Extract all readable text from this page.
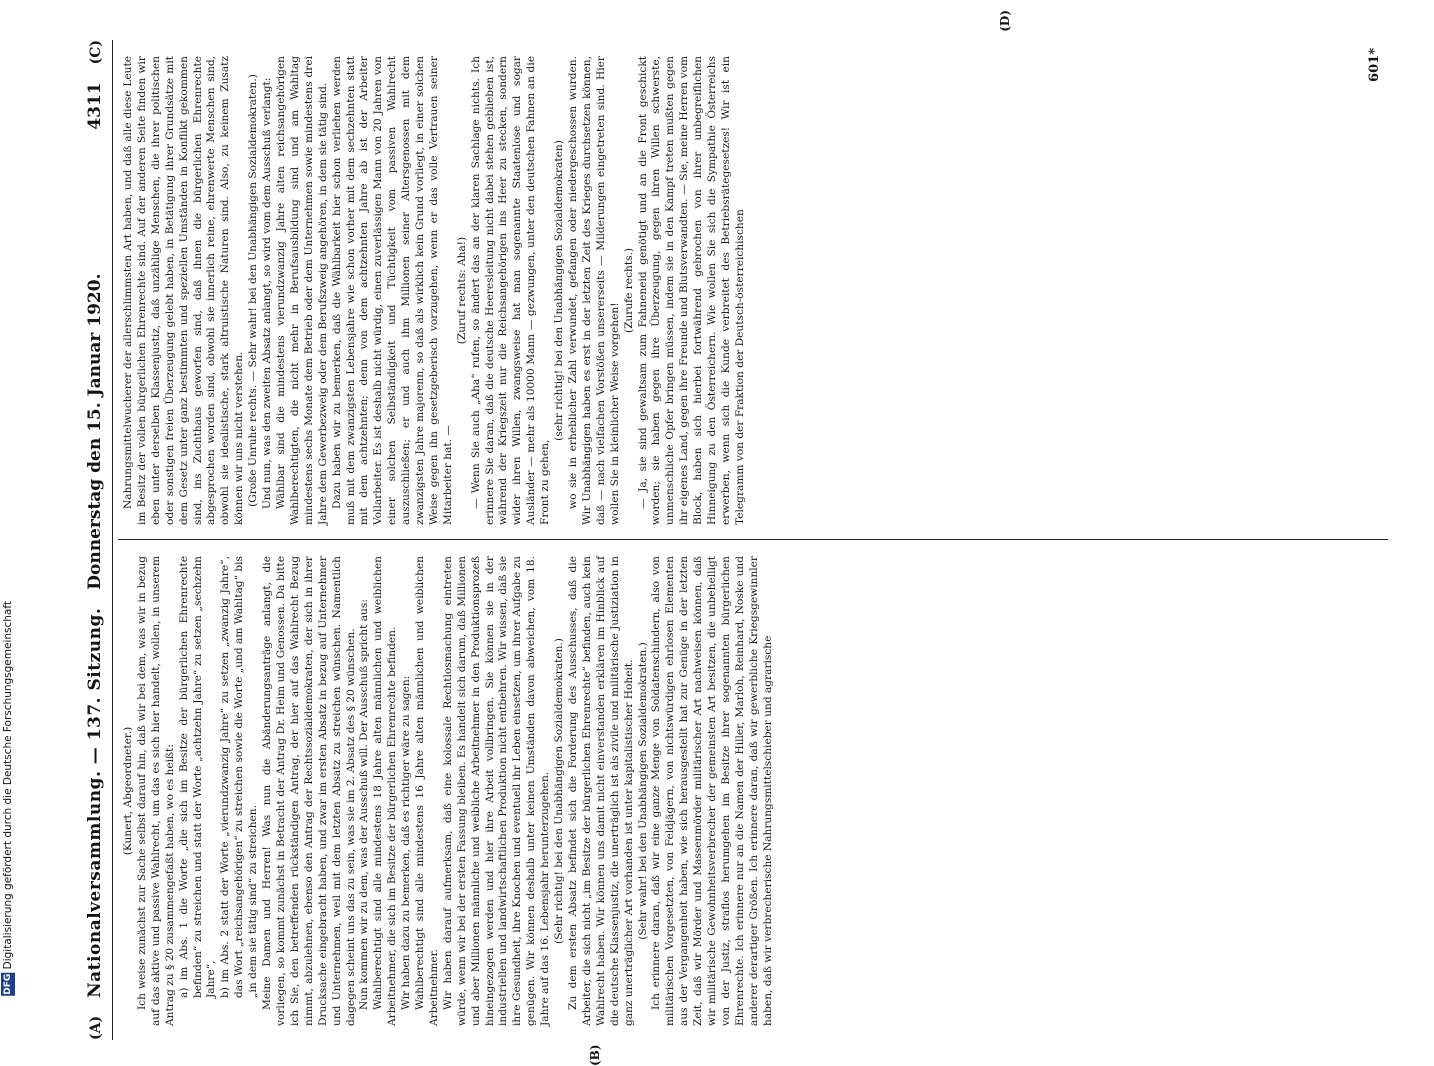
DFG Digitalisierung gefördert durch die Deutsche Forschungsgemeinschaft
(A)
Nationalversammlung. — 137. Sitzung.
Donnerstag den 15. Januar 1920.
4311
(C)

(Kunert, Abgeordneter.) Ich weise zunächst zur Sache selbst darauf hin, daß wir bei dem, was wir in bezug auf das aktive und passive Wahlrecht, um das es sich hier handelt, wollen, in unserem Antrag zu § 20 zusammengefaßt haben, wo es heißt: a) im Abs. 1 die Worte „die sich im Besitze der bürgerlichen Ehrenrechte befinden“ zu streichen und statt der Worte „achtzehn Jahre“ zu setzen „sechzehn Jahre“, b) im Abs. 2 statt der Worte „vierundzwanzig Jahre“ zu setzen „zwanzig Jahre“, das Wort „reichsangehörigen“ zu streichen sowie die Worte „und am Wahltag“ bis „in dem sie tätig sind“ zu streichen. Meine Damen und Herren! Was nun die Abänderungsanträge anlangt, die vorliegen, so kommt zunächst in Betracht der Antrag Dr. Heim und Genossen. Da bitte ich Sie, den betreffenden rückständigen Antrag, der hier auf das Wahlrecht Bezug nimmt, abzulehnen, ebenso den Antrag der Rechtssozialdemokraten, der sich in ihrer Drucksache eingebracht haben, und zwar im ersten Absatz in bezug auf Unternehmer und Unternehmen, weil mit dem letzten Absatz zu streichen wünschen. Namentlich dagegen scheint uns das zu sein, was sie im 2. Absatz des § 20 wünschen. Nun kommen wir zu dem, was der Ausschuß will. Der Ausschuß spricht aus: Wahlberechtigt sind alle mindestens 18 Jahre alten männlichen und weiblichen Arbeitnehmer, die sich im Besitze der bürgerlichen Ehrenrechte befinden. Wir haben dazu zu bemerken, daß es richtiger wäre zu sagen: Wahlberechtigt sind alle mindestens 16 Jahre alten männlichen und weiblichen Arbeitnehmer. Wir haben darauf aufmerksam, daß eine kolossale Rechtlosmachung eintreten würde, wenn wir bei der ersten Fassung bleiben. Es handelt sich darum, daß Millionen und aber Millionen männliche und weibliche Arbeitnehmer in den Produktionsprozeß hineingezogen werden und hier ihre Arbeit vollbringen. Sie können sie in der industriellen und landwirtschaftlichen Produktion nicht entbehren. Wir wissen, daß sie ihre Gesundheit, ihre Knochen und eventuell ihr Leben einsetzen, um ihrer Aufgabe zu genügen. Wir können deshalb unter keinen Umständen davon abweichen, vom 18. Jahre auf das 16. Lebensjahr herunterzugehen. (Sehr richtig! bei den Unabhängigen Sozialdemokraten.) Zu dem ersten Absatz befindet sich die Forderung des Ausschusses, daß die Arbeiter, die sich nicht „im Besitze der bürgerlichen Ehrenrechte“ befinden, auch kein Wahlrecht haben. Wir können uns damit nicht einverstanden erklären im Hinblick auf die deutsche Klassenjustiz, die unerträglich ist als zivile und militärische Justiziation in ganz unerträglicher Art vorhanden ist unter kapitalistischer Hoheit. (Sehr wahr! bei den Unabhängigen Sozialdemokraten.) Ich erinnere daran, daß wir eine ganze Menge von Soldatenschindern, also von militärischen Vorgesetzten, von Feldjägern, von nichtswürdigen ehrlosen Elementen aus der Vergangenheit haben, wie sich herausgestellt hat zur Genüge in der letzten Zeit, daß wir Mörder und Massenmörder militärischer Art nachweisen können, daß wir militärische Gewohnheitsverbrecher der gemeinsten Art besitzen, die unbehelligt von der Justiz, straflos herumgehen im Besitze ihrer sogenannten bürgerlichen Ehrenrechte. Ich erinnere nur an die Namen der Hiller, Marloh, Reinhard, Noske und anderer derartiger Größen. Ich erinnere daran, daß wir gewerbliche Kriegsgewinnler haben, daß wir verbrecherische Nahrungsmittelschieber und agrarische

Nahrungsmittelwucherer der allerschlimmsten Art haben, und daß alle diese Leute im Besitz der vollen bürgerlichen Ehrenrechte sind. Auf der anderen Seite finden wir eben unter derselben Klassenjustiz, daß unzählige Menschen, die ihrer politischen oder sonstigen freien Überzeugung gelebt haben, in Betätigung ihrer Grundsätze mit dem Gesetz unter ganz bestimmten und speziellen Umständen in Konflikt gekommen sind, ins Zuchthaus geworfen sind, daß ihnen die bürgerlichen Ehrenrechte abgesprochen worden sind, obwohl sie innerlich reine, ehrenwerte Menschen sind, obwohl sie idealistische, stark altruistische Naturen sind. Also, zu keinem Zusatz können wir uns nicht verstehen. (Große Unruhe rechts. — Sehr wahr! bei den Unabhängigen Sozialdemokraten.) Und nun, was den zweiten Absatz anlangt, so wird vom dem Ausschuß verlangt: Wählbar sind die mindestens vierundzwanzig Jahre alten reichsangehörigen Wahlberechtigten, die nicht mehr in Berufsausbildung sind und am Wahltag mindestens sechs Monate dem Betrieb oder dem Unternehmen sowie mindestens drei Jahre dem Gewerbezweig oder dem Berufszweig angehören, in dem sie tätig sind. Dazu haben wir zu bemerken, daß die Wählbarkeit hier schon verliehen werden muß mit dem zwanzigsten Lebensjahre wie schon vorher mit dem sechzehnten statt mit dem achtzehnten; denn von dem achtzehnten Jahre ab ist der Arbeiter Vollarbeiter. Es ist deshalb nicht würdig, einen zuverlässigen Mann von 20 Jahren von einer solchen Selbständigkeit und Tüchtigkeit vom passiven Wahlrecht auszuschließen; er und auch ihm Millionen seiner Altersgenossen mit dem zwanzigsten Jahre majorenn, so daß als wirklich kein Grund vorliegt, in einer solchen Weise gegen ihn gesetzgeberisch vorzugehen, wenn er das volle Vertrauen seiner Mitarbeiter hat. —

(Zuruf rechts: Aha!) — Wenn Sie auch „Aha“ rufen, so ändert das an der klaren Sachlage nichts. Ich erinnere Sie daran, daß die deutsche Heeresleitung nicht dabei stehen geblieben ist, während der Kriegszeit nur die Reichsangehörigen ins Heer zu stecken, sondern wider ihren Willen, zwangsweise hat man sogenannte Staatenlose und sogar Ausländer — mehr als 10000 Mann — gezwungen, unter den deutschen Fahnen an die Front zu gehen,

(sehr richtig! bei den Unabhängigen Sozialdemokraten) wo sie in erheblicher Zahl verwundet, gefangen oder niedergeschossen wurden. Wir Unabhängigen haben es erst in der letzten Zeit des Krieges durchsetzen können, daß — nach vielfachen Vorstößen unsererseits — Milderungen eingetreten sind. Hier wollen Sie in kleinlicher Weise vorgehen!

(Zurufe rechts.) — Ja, sie sind gewaltsam zum Fahneneid genötigt und an die Front geschickt worden; sie haben gegen ihre Überzeugung, gegen ihren Willen schwerste, unmenschliche Opfer bringen müssen, indem sie in den Kampf treten mußten gegen ihr eigenes Land, gegen ihre Freunde und Blutsverwandten. — Sie, meine Herren vom Block, haben sich hierbei fortwährend gebrochen von ihrer unbegreiflichen Hinneigung zu den Österreichern. Wie wollen Sie sich die Sympathie Österreichs erwerben, wenn sich die Kunde verbreitet des Betriebsrätegesetzes! Wir ist ein Telegramm von der Fraktion der Deutsch-österreichischen

(B)
(D)
601*
